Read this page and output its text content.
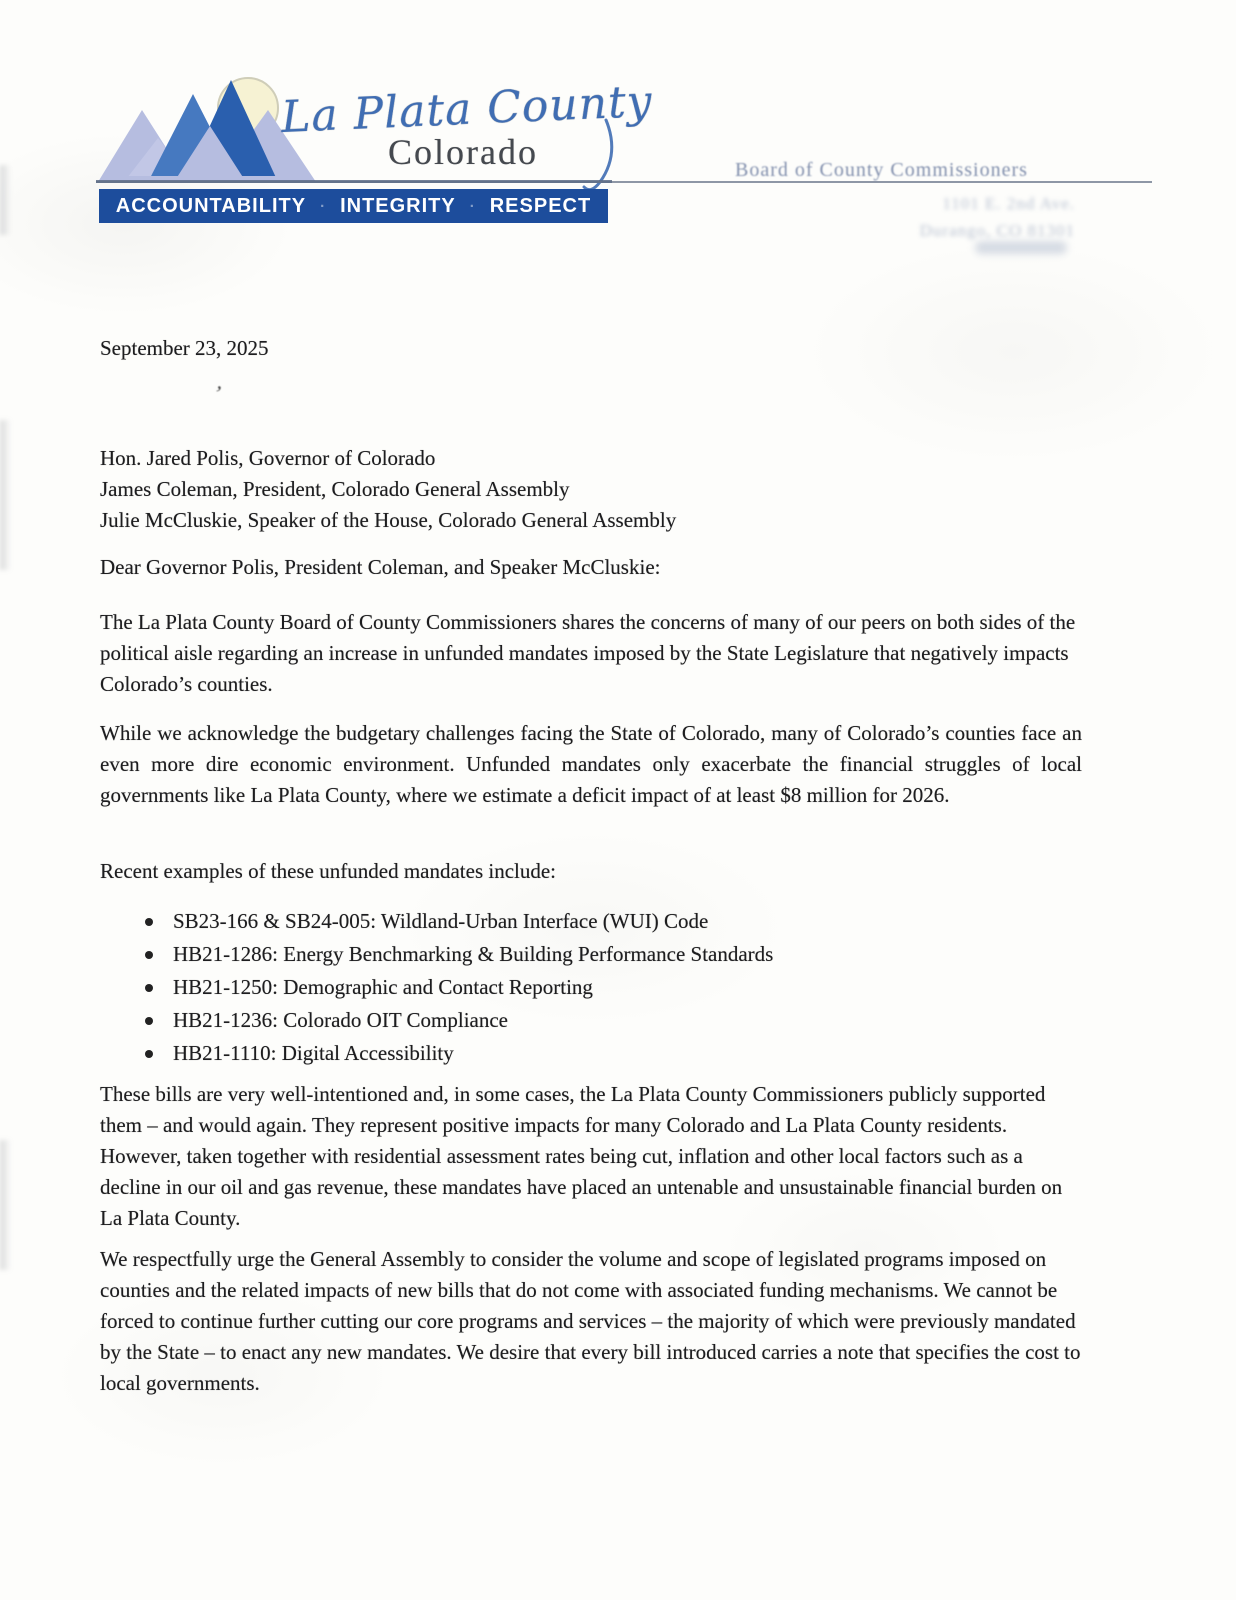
La Plata County
Colorado
ACCOUNTABILITY · INTEGRITY · RESPECT
Board of County Commissioners
1101 E. 2nd Ave.
Durango, CO 81301
ʼ
September 23, 2025
Hon. Jared Polis, Governor of Colorado
James Coleman, President, Colorado General Assembly
Julie McCluskie, Speaker of the House, Colorado General Assembly
Dear Governor Polis, President Coleman, and Speaker McCluskie:
The La Plata County Board of County Commissioners shares the concerns of many of our peers on both sides of the political aisle regarding an increase in unfunded mandates imposed by the State Legislature that negatively impacts Colorado’s counties.
While we acknowledge the budgetary challenges facing the State of Colorado, many of Colorado’s counties face an even more dire economic environment. Unfunded mandates only exacerbate the financial struggles of local governments like La Plata County, where we estimate a deficit impact of at least $8 million for 2026.
Recent examples of these unfunded mandates include:
SB23-166 & SB24-005: Wildland-Urban Interface (WUI) Code
HB21-1286: Energy Benchmarking & Building Performance Standards
HB21-1250: Demographic and Contact Reporting
HB21-1236: Colorado OIT Compliance
HB21-1110: Digital Accessibility
These bills are very well-intentioned and, in some cases, the La Plata County Commissioners publicly supported them – and would again. They represent positive impacts for many Colorado and La Plata County residents. However, taken together with residential assessment rates being cut, inflation and other local factors such as a decline in our oil and gas revenue, these mandates have placed an untenable and unsustainable financial burden on La Plata County.
We respectfully urge the General Assembly to consider the volume and scope of legislated programs imposed on counties and the related impacts of new bills that do not come with associated funding mechanisms. We cannot be forced to continue further cutting our core programs and services – the majority of which were previously mandated by the State – to enact any new mandates. We desire that every bill introduced carries a note that specifies the cost to local governments.
